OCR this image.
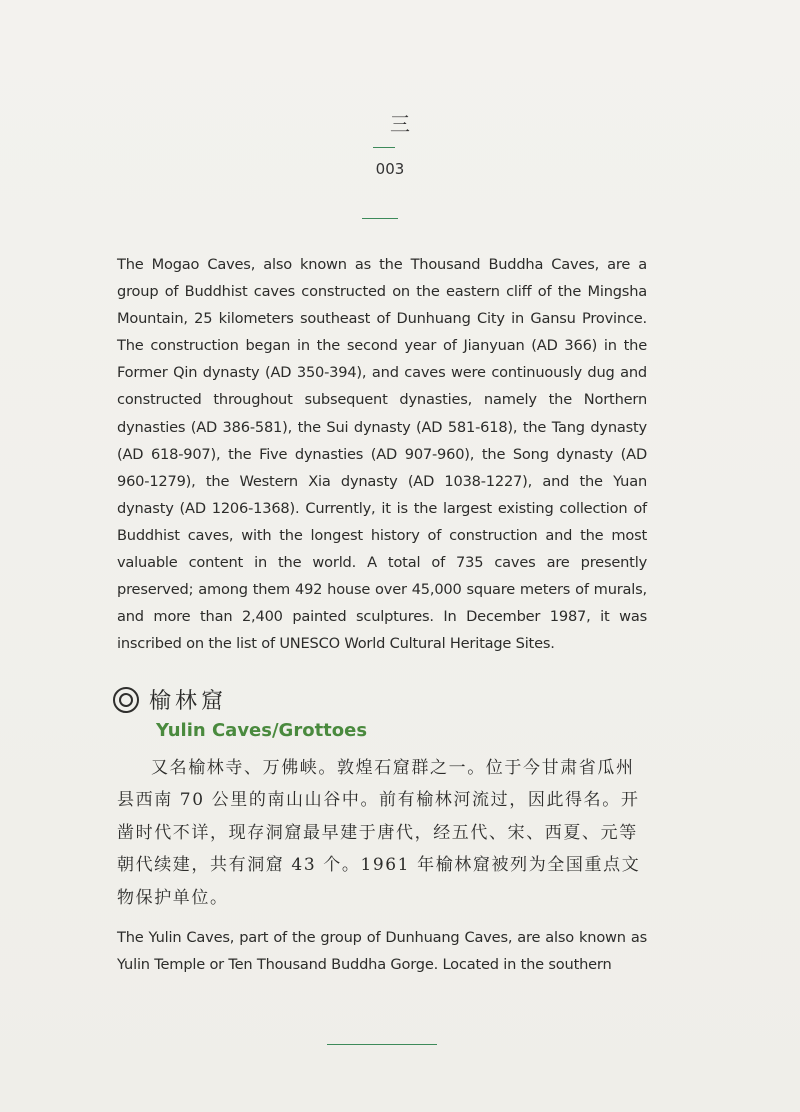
三
003
The Mogao Caves, also known as the Thousand Buddha Caves, are a group of Buddhist caves constructed on the eastern cliff of the Mingsha Mountain, 25 kilometers southeast of Dunhuang City in Gansu Province. The construction began in the second year of Jianyuan (AD 366) in the Former Qin dynasty (AD 350-394), and caves were continuously dug and constructed throughout subsequent dynasties, namely the Northern dynasties (AD 386-581), the Sui dynasty (AD 581-618), the Tang dynasty (AD 618-907), the Five dynasties (AD 907-960), the Song dynasty (AD 960-1279), the Western Xia dynasty (AD 1038-1227), and the Yuan dynasty (AD 1206-1368). Currently, it is the largest existing collection of Buddhist caves, with the longest history of construction and the most valuable content in the world. A total of 735 caves are presently preserved; among them 492 house over 45,000 square meters of murals, and more than 2,400 painted sculptures. In December 1987, it was inscribed on the list of UNESCO World Cultural Heritage Sites.
榆林窟
Yulin Caves/Grottoes

又名榆林寺、万佛峡。敦煌石窟群之一。位于今甘肃省瓜州县西南 70 公里的南山山谷中。前有榆林河流过，因此得名。开凿时代不详，现存洞窟最早建于唐代，经五代、宋、西夏、元等朝代续建，共有洞窟 43 个。1961 年榆林窟被列为全国重点文物保护单位。

The Yulin Caves, part of the group of Dunhuang Caves, are also known as Yulin Temple or Ten Thousand Buddha Gorge. Located in the southern
